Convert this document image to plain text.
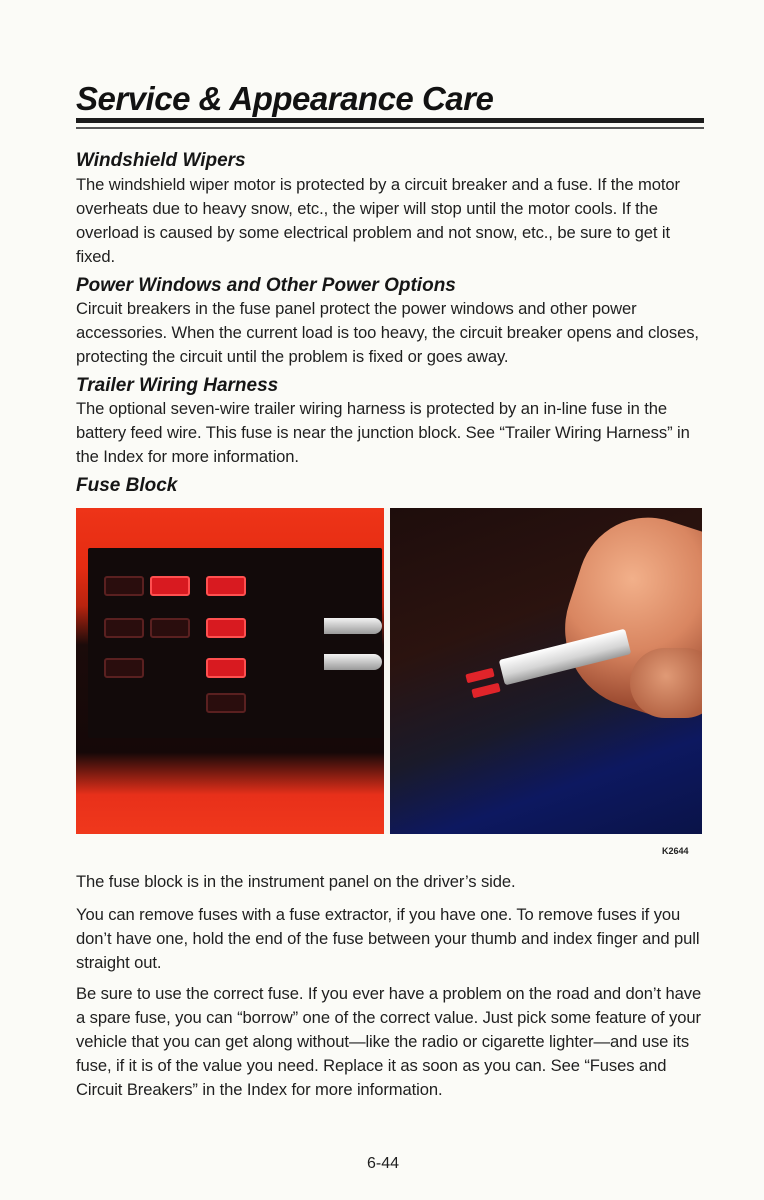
Service & Appearance Care
Windshield Wipers

The windshield wiper motor is protected by a circuit breaker and a fuse. If the motor overheats due to heavy snow, etc., the wiper will stop until the motor cools. If the overload is caused by some electrical problem and not snow, etc., be sure to get it fixed.

Power Windows and Other Power Options

Circuit breakers in the fuse panel protect the power windows and other power accessories. When the current load is too heavy, the circuit breaker opens and closes, protecting the circuit until the problem is fixed or goes away.

Trailer Wiring Harness

The optional seven-wire trailer wiring harness is protected by an in-line fuse in the battery feed wire. This fuse is near the junction block. See “Trailer Wiring Harness” in the Index for more information.

Fuse Block
K2644

The fuse block is in the instrument panel on the driver’s side.

You can remove fuses with a fuse extractor, if you have one. To remove fuses if you don’t have one, hold the end of the fuse between your thumb and index finger and pull straight out.

Be sure to use the correct fuse. If you ever have a problem on the road and don’t have a spare fuse, you can “borrow” one of the correct value. Just pick some feature of your vehicle that you can get along without—like the radio or cigarette lighter—and use its fuse, if it is of the value you need. Replace it as soon as you can. See “Fuses and Circuit Breakers” in the Index for more information.

6-44
